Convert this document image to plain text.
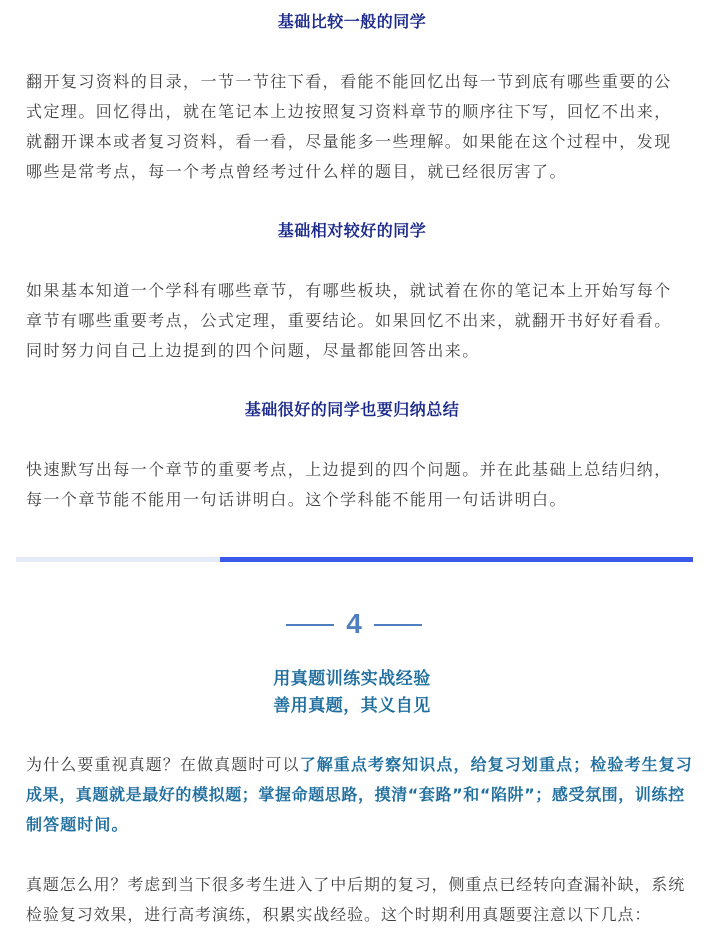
基础比较一般的同学
翻开复习资料的目录，一节一节往下看，看能不能回忆出每一节到底有哪些重要的公
式定理。回忆得出，就在笔记本上边按照复习资料章节的顺序往下写，回忆不出来，
就翻开课本或者复习资料，看一看，尽量能多一些理解。如果能在这个过程中，发现
哪些是常考点，每一个考点曾经考过什么样的题目，就已经很厉害了。
基础相对较好的同学
如果基本知道一个学科有哪些章节，有哪些板块，就试着在你的笔记本上开始写每个
章节有哪些重要考点，公式定理，重要结论。如果回忆不出来，就翻开书好好看看。
同时努力问自己上边提到的四个问题，尽量都能回答出来。
基础很好的同学也要归纳总结
快速默写出每一个章节的重要考点，上边提到的四个问题。并在此基础上总结归纳，
每一个章节能不能用一句话讲明白。这个学科能不能用一句话讲明白。
4
用真题训练实战经验
善用真题，其义自见
为什么要重视真题？在做真题时可以了解重点考察知识点，给复习划重点；检验考生复习
成果，真题就是最好的模拟题；掌握命题思路，摸清“套路”和“陷阱”；感受氛围，训练控
制答题时间。
真题怎么用？考虑到当下很多考生进入了中后期的复习，侧重点已经转向查漏补缺，系统
检验复习效果，进行高考演练，积累实战经验。这个时期利用真题要注意以下几点：
